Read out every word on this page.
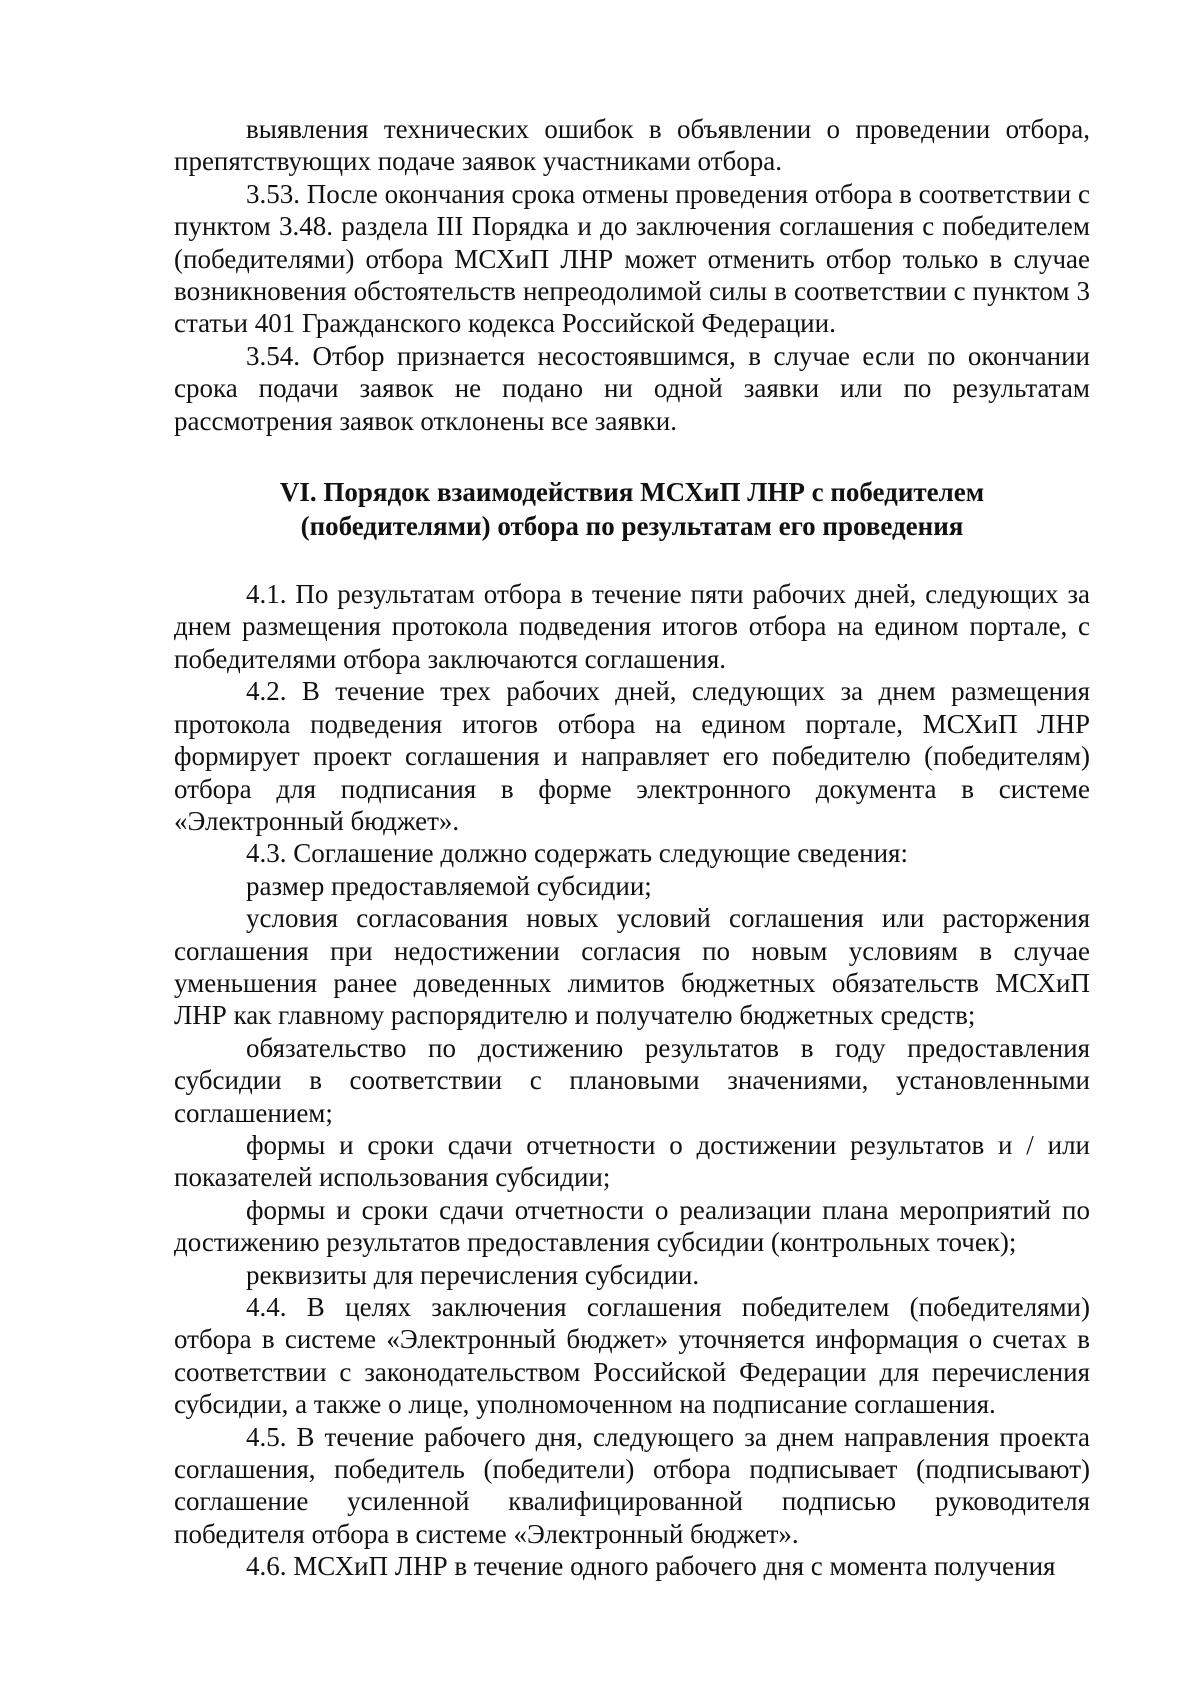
выявления технических ошибок в объявлении о проведении отбора, препятствующих подаче заявок участниками отбора.

3.53. После окончания срока отмены проведения отбора в соответствии с пунктом 3.48. раздела III Порядка и до заключения соглашения с победителем (победителями) отбора МСХиП ЛНР может отменить отбор только в случае возникновения обстоятельств непреодолимой силы в соответствии с пунктом 3 статьи 401 Гражданского кодекса Российской Федерации.

3.54. Отбор признается несостоявшимся, в случае если по окончании срока подачи заявок не подано ни одной заявки или по результатам рассмотрения заявок отклонены все заявки.

VI. Порядок взаимодействия МСХиП ЛНР с победителем
(победителями) отбора по результатам его проведения

4.1. По результатам отбора в течение пяти рабочих дней, следующих за днем размещения протокола подведения итогов отбора на едином портале, с победителями отбора заключаются соглашения.

4.2. В течение трех рабочих дней, следующих за днем размещения протокола подведения итогов отбора на едином портале, МСХиП ЛНР формирует проект соглашения и направляет его победителю (победителям) отбора для подписания в форме электронного документа в системе «Электронный бюджет».

4.3. Соглашение должно содержать следующие сведения:

размер предоставляемой субсидии;

условия согласования новых условий соглашения или расторжения соглашения при недостижении согласия по новым условиям в случае уменьшения ранее доведенных лимитов бюджетных обязательств МСХиП ЛНР как главному распорядителю и получателю бюджетных средств;

обязательство по достижению результатов в году предоставления субсидии в соответствии с плановыми значениями, установленными соглашением;

формы и сроки сдачи отчетности о достижении результатов и / или показателей использования субсидии;

формы и сроки сдачи отчетности о реализации плана мероприятий по достижению результатов предоставления субсидии (контрольных точек);

реквизиты для перечисления субсидии.

4.4. В целях заключения соглашения победителем (победителями) отбора в системе «Электронный бюджет» уточняется информация о счетах в соответствии с законодательством Российской Федерации для перечисления субсидии, а также о лице, уполномоченном на подписание соглашения.

4.5. В течение рабочего дня, следующего за днем направления проекта соглашения, победитель (победители) отбора подписывает (подписывают) соглашение усиленной квалифицированной подписью руководителя победителя отбора в системе «Электронный бюджет».

4.6. МСХиП ЛНР в течение одного рабочего дня с момента получения
